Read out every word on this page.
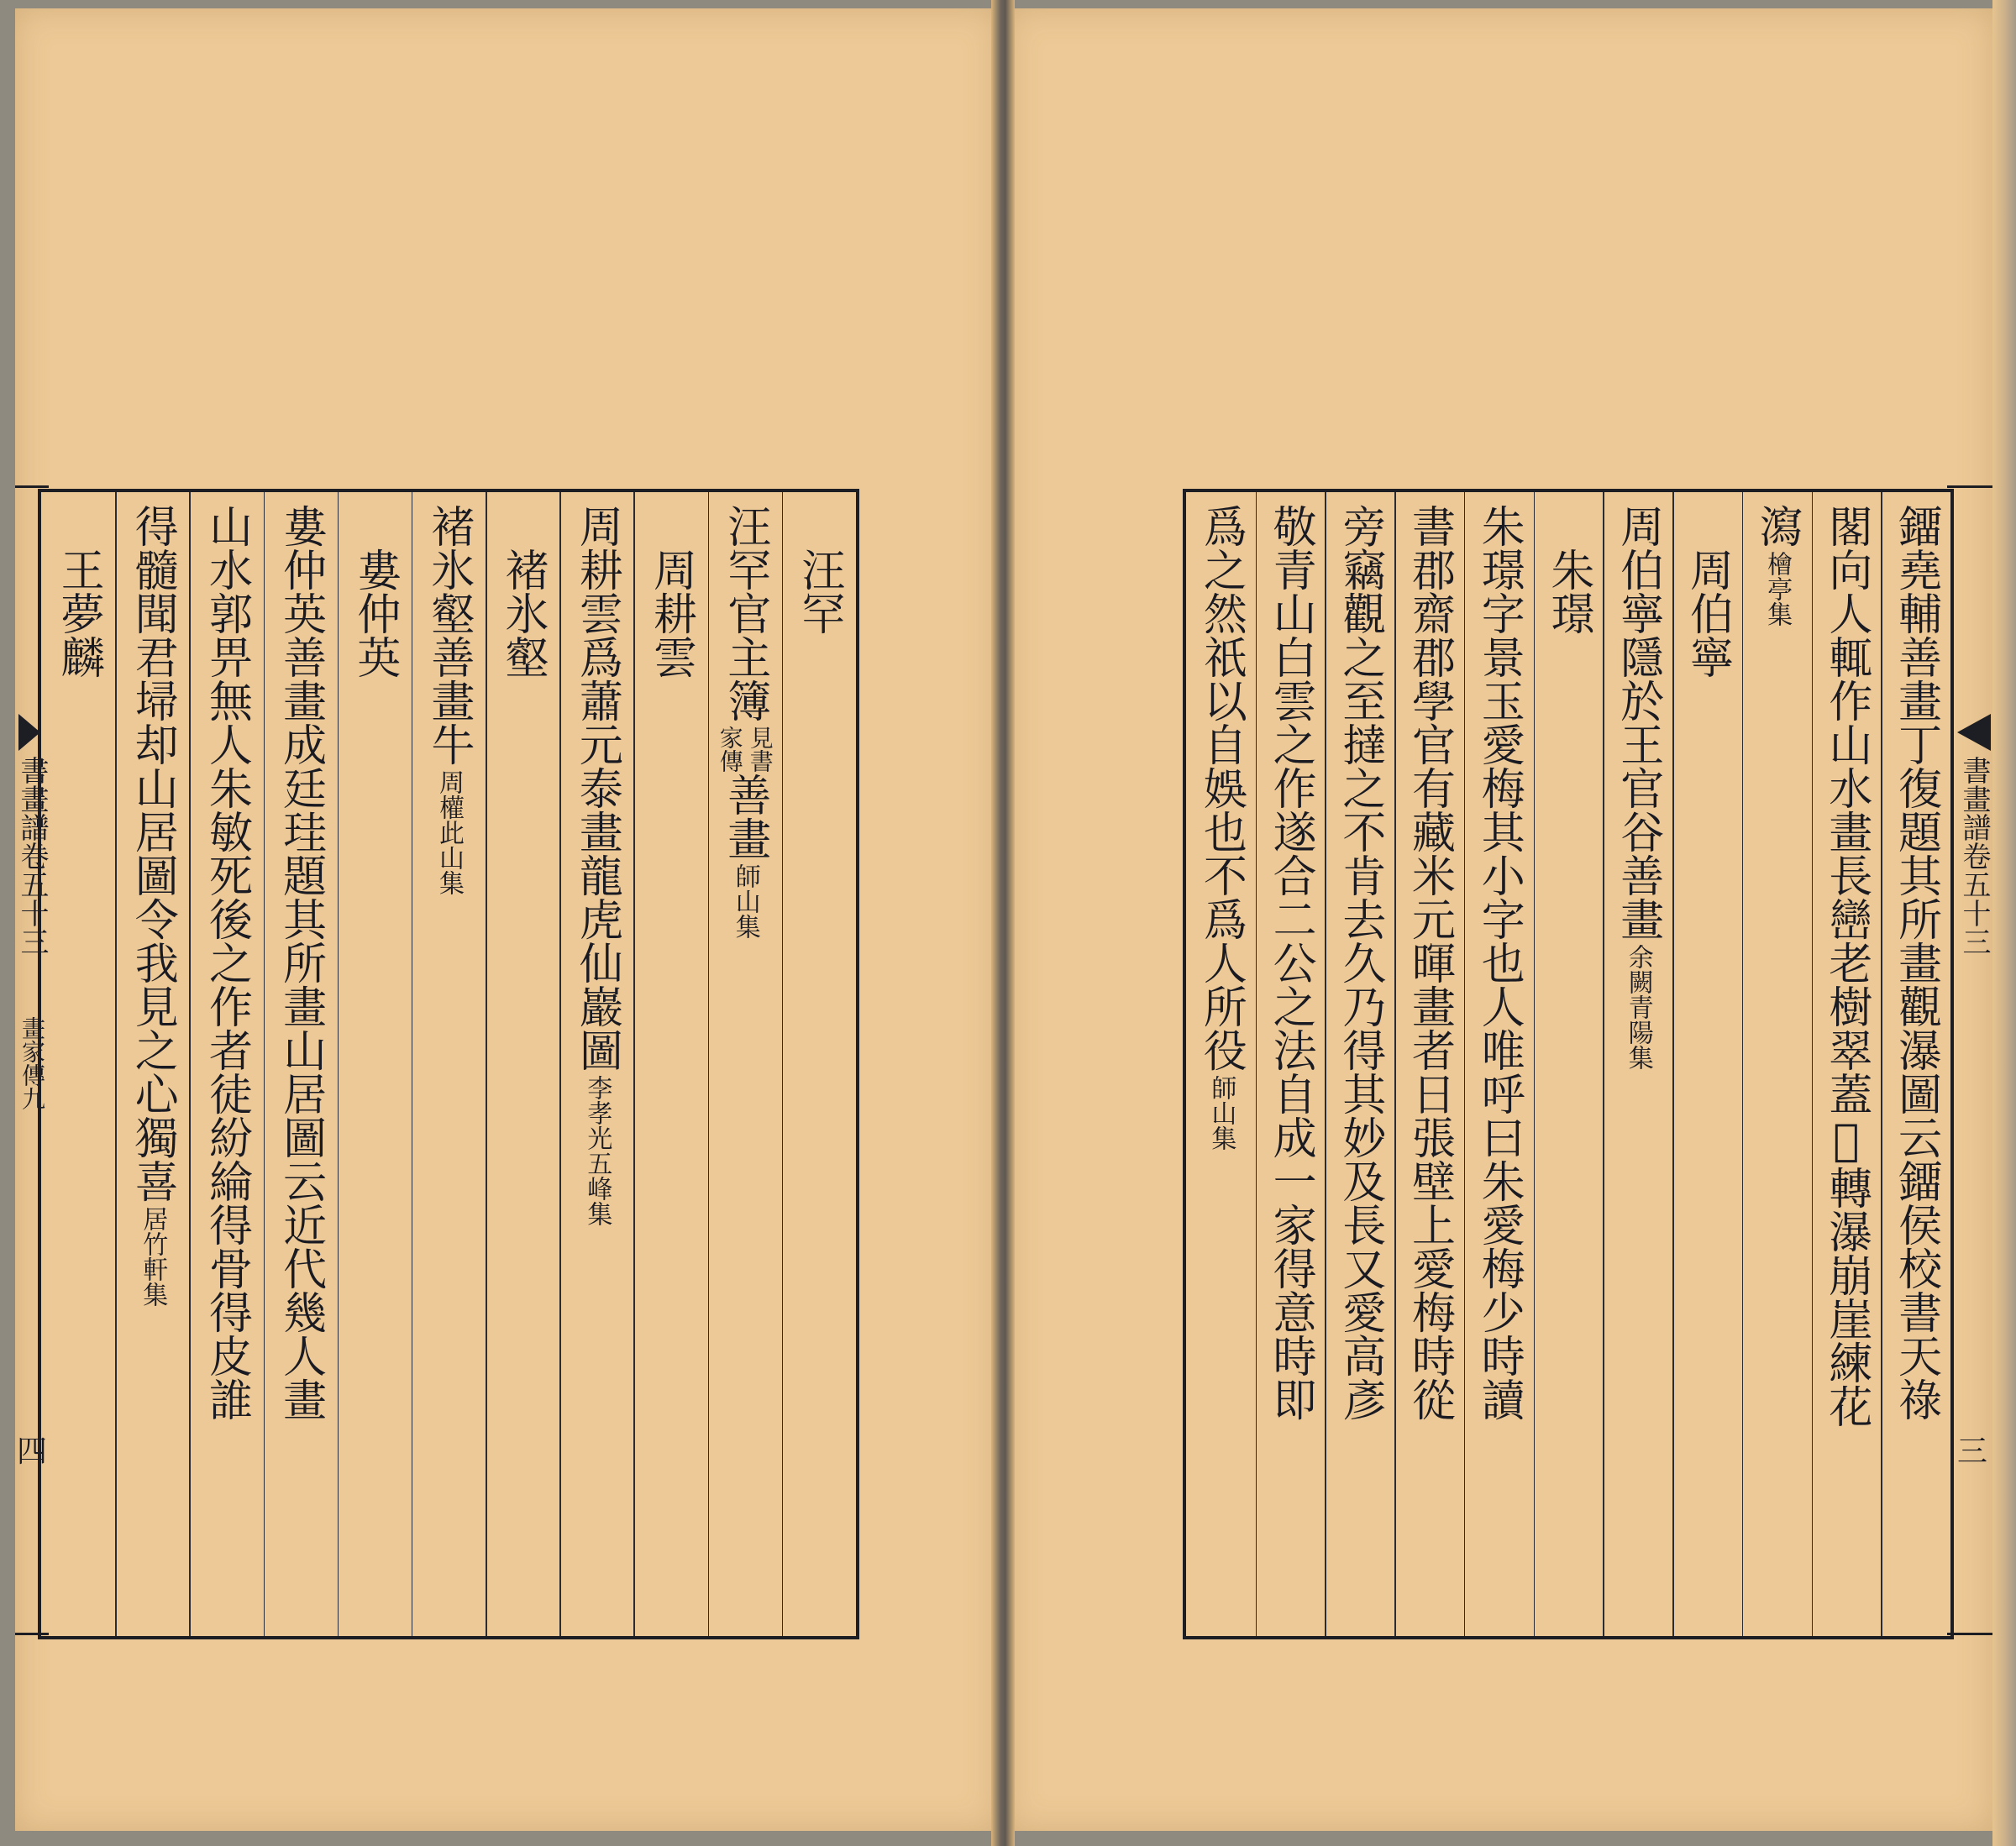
書畫譜卷五十三
畫家傳九
四
書畫譜卷五十三
三
　汪罕
汪罕官主簿
見書
家傳
善畫
師山集
　周耕雲
周耕雲爲蕭元泰畫龍虎仙巖圖
李孝光五峰集
　褚氷壑
褚氷壑善畫牛
周權此山集
　婁仲英
婁仲英善畫成廷珪題其所畫山居圖云近代幾人畫
山水郭畀無人朱敏死後之作者徒紛綸得骨得皮誰
得髓聞君埽却山居圖令我見之心獨喜
居竹軒集
　王夢麟	鐂堯輔善畫丁復題其所畫觀瀑圖云鐂侯校書天祿
閣向人輒作山水畫長巒老樹翠蓋𢾾轉瀑崩崖練花
瀉
檜亭集
　周伯寧
周伯寧隱於王官谷善畫
余闕青陽集
　朱璟
朱璟字景玉愛梅其小字也人唯呼曰朱愛梅少時讀
書郡齋郡學官有藏米元暉畫者日張壁上愛梅時從
旁竊觀之至撻之不肯去久乃得其妙及長又愛高彥
敬青山白雲之作遂合二公之法自成一家得意時即
爲之然祇以自娛也不爲人所役
師山集
